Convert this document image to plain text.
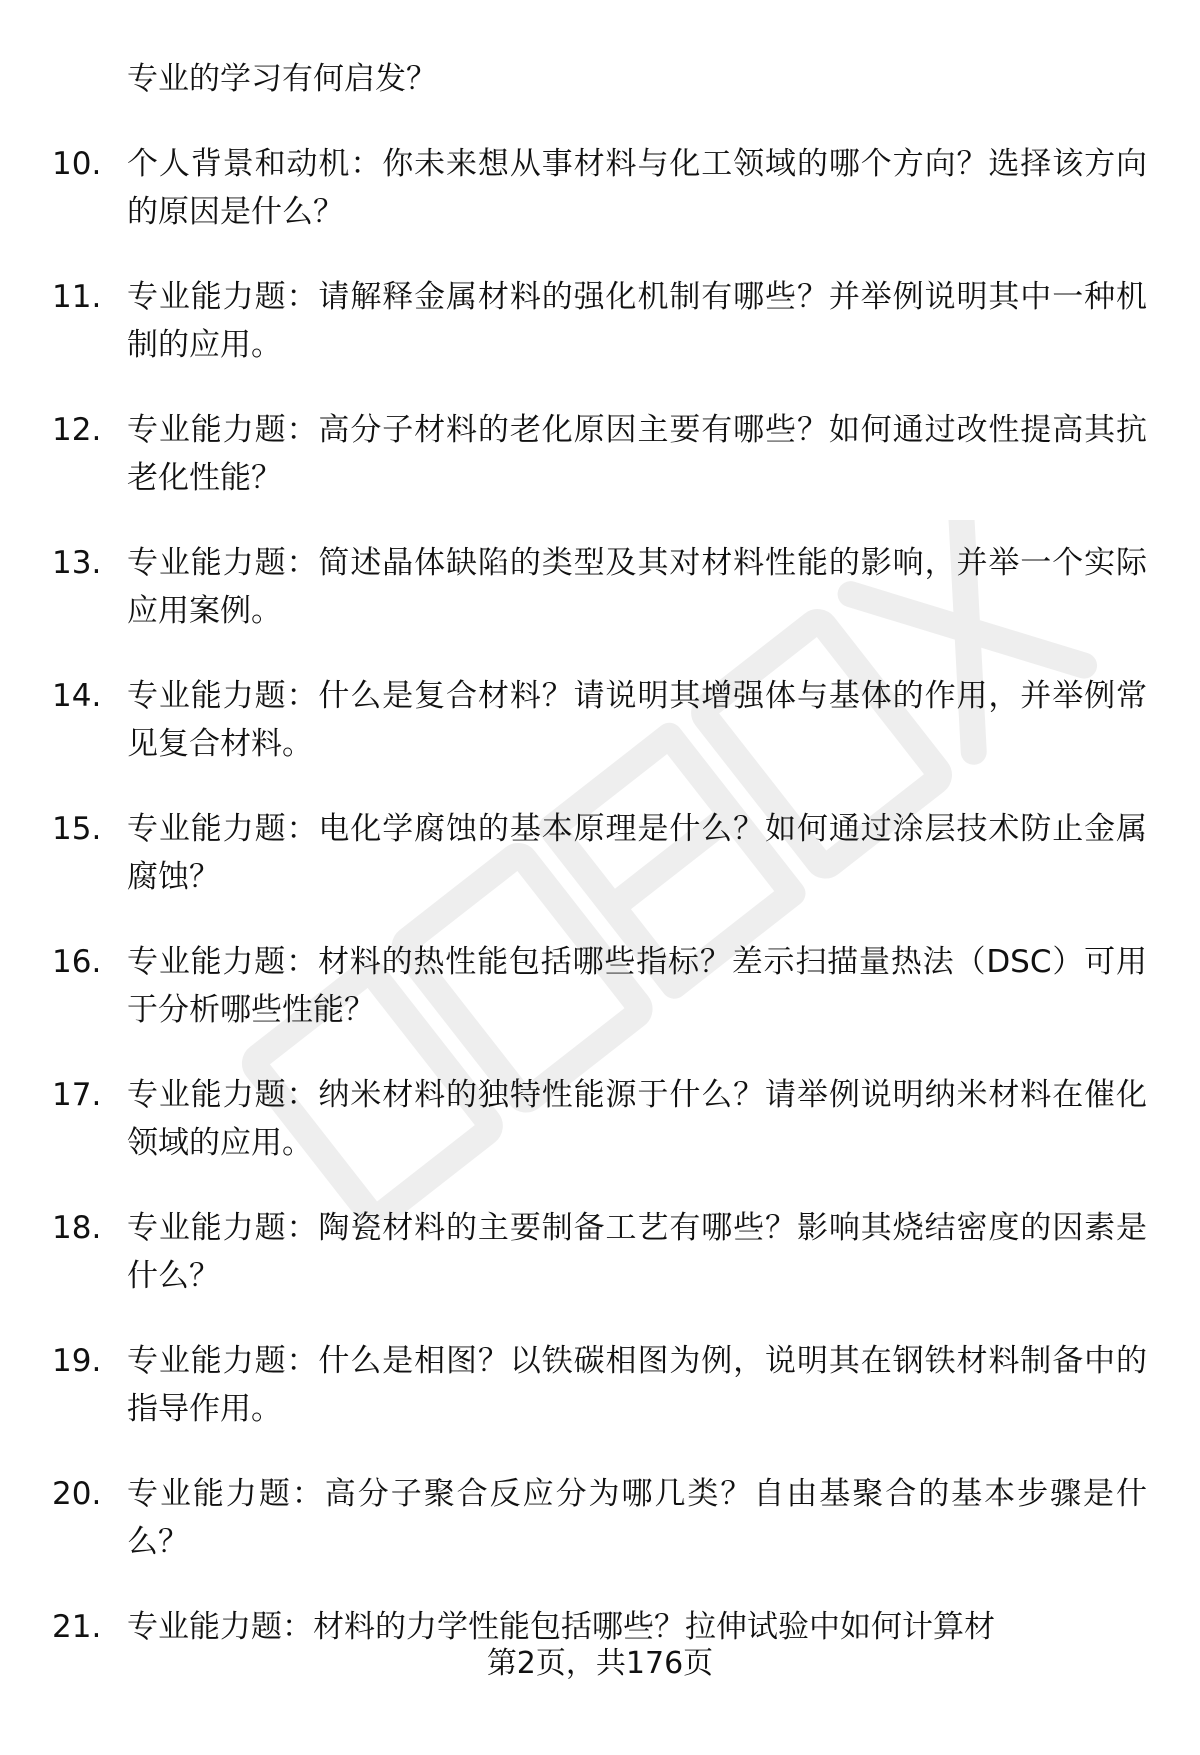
专业的学习有何启发？
10. 个人背景和动机：你未来想从事材料与化工领域的哪个方向？选择该方向的原因是什么？
11. 专业能力题：请解释金属材料的强化机制有哪些？并举例说明其中一种机制的应用。
12. 专业能力题：高分子材料的老化原因主要有哪些？如何通过改性提高其抗老化性能？
13. 专业能力题：简述晶体缺陷的类型及其对材料性能的影响，并举一个实际应用案例。
14. 专业能力题：什么是复合材料？请说明其增强体与基体的作用，并举例常见复合材料。
15. 专业能力题：电化学腐蚀的基本原理是什么？如何通过涂层技术防止金属腐蚀？
16. 专业能力题：材料的热性能包括哪些指标？差示扫描量热法（DSC）可用于分析哪些性能？
17. 专业能力题：纳米材料的独特性能源于什么？请举例说明纳米材料在催化领域的应用。
18. 专业能力题：陶瓷材料的主要制备工艺有哪些？影响其烧结密度的因素是什么？
19. 专业能力题：什么是相图？以铁碳相图为例，说明其在钢铁材料制备中的指导作用。
20. 专业能力题：高分子聚合反应分为哪几类？自由基聚合的基本步骤是什么？
21. 专业能力题：材料的力学性能包括哪些？拉伸试验中如何计算材
第2页，共176页
